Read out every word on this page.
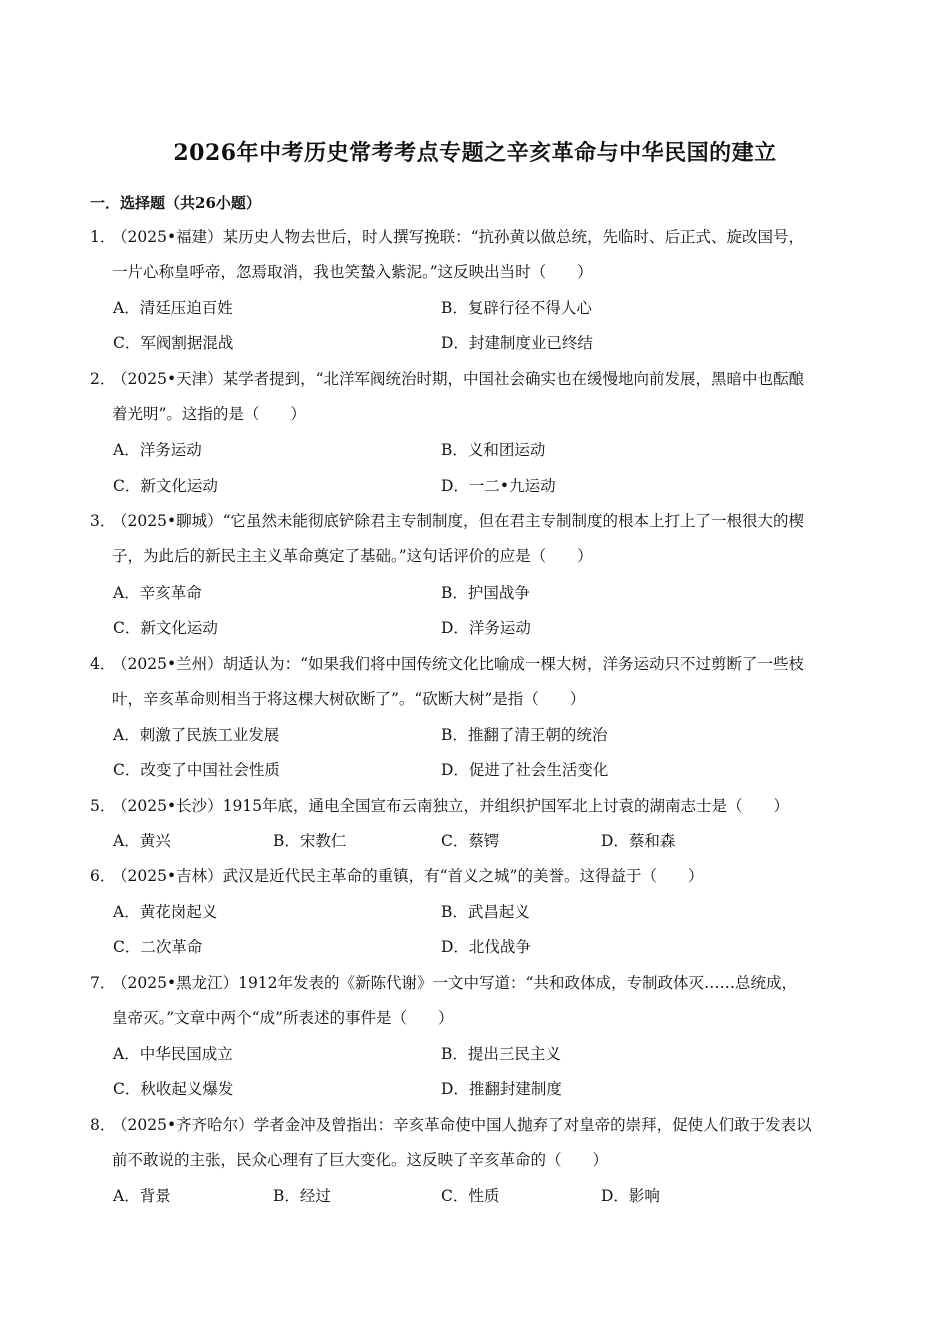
2026年中考历史常考考点专题之辛亥革命与中华民国的建立
一．选择题（共26小题）
1．（2025•福建）某历史人物去世后，时人撰写挽联：“抗孙黄以做总统，先临时、后正式、旋改国号，
一片心称皇呼帝，忽焉取消，我也笑蟄入紫泥。”这反映出当时（　　）
A．清廷压迫百姓	B．复辟行径不得人心
C．军阀割据混战	D．封建制度业已终结
2．（2025•天津）某学者提到，“北洋军阀统治时期，中国社会确实也在缓慢地向前发展，黑暗中也酝酿
着光明”。这指的是（　　）
A．洋务运动	B．义和团运动
C．新文化运动	D．一二•九运动
3．（2025•聊城）“它虽然未能彻底铲除君主专制制度，但在君主专制制度的根本上打上了一根很大的楔
子，为此后的新民主主义革命奠定了基础。”这句话评价的应是（　　）
A．辛亥革命	B．护国战争
C．新文化运动	D．洋务运动
4．（2025•兰州）胡适认为：“如果我们将中国传统文化比喻成一棵大树，洋务运动只不过剪断了一些枝
叶，辛亥革命则相当于将这棵大树砍断了”。“砍断大树”是指（　　）
A．刺激了民族工业发展	B．推翻了清王朝的统治
C．改变了中国社会性质	D．促进了社会生活变化
5．（2025•长沙）1915年底，通电全国宣布云南独立，并组织护国军北上讨袁的湖南志士是（　　）
A．黄兴	B．宋教仁	C．蔡锷	D．蔡和森
6．（2025•吉林）武汉是近代民主革命的重镇，有“首义之城”的美誉。这得益于（　　）
A．黄花岗起义	B．武昌起义
C．二次革命	D．北伐战争
7．（2025•黑龙江）1912年发表的《新陈代谢》一文中写道：“共和政体成，专制政体灭……总统成，
皇帝灭。”文章中两个“成”所表述的事件是（　　）
A．中华民国成立	B．提出三民主义
C．秋收起义爆发	D．推翻封建制度
8．（2025•齐齐哈尔）学者金冲及曾指出：辛亥革命使中国人抛弃了对皇帝的崇拜，促使人们敢于发表以
前不敢说的主张，民众心理有了巨大变化。这反映了辛亥革命的（　　）
A．背景	B．经过	C．性质	D．影响
